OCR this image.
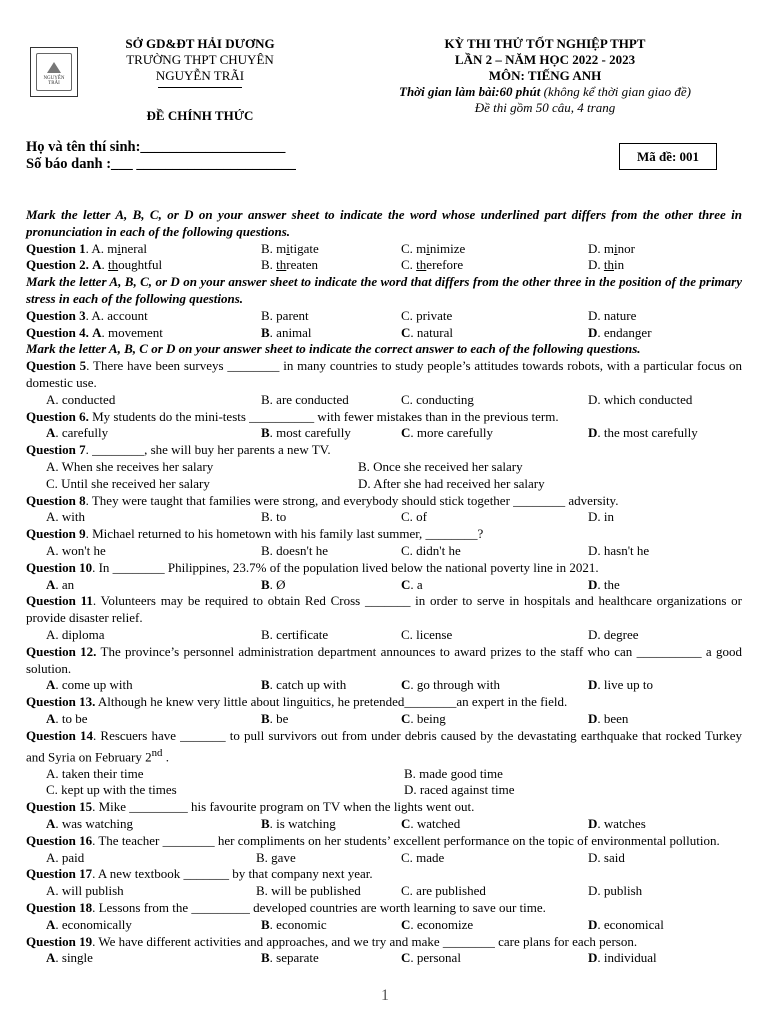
SỞ GD&ĐT HẢI DƯƠNG
TRƯỜNG THPT CHUYÊN
NGUYỄN TRÃI
ĐỀ CHÍNH THỨC
NGUYỄN TRÃI
KỲ THI THỬ TỐT NGHIỆP THPT
LẦN 2 – NĂM HỌC 2022 - 2023
MÔN: TIẾNG ANH
Thời gian làm bài:60 phút (không kể thời gian giao đề)
Đề thi gồm 50 câu, 4 trang
Họ và tên thí sinh:____________________
Số báo danh :___ ______________________	Mã đề: 001
Mark the letter A, B, C, or D on your answer sheet to indicate the word whose underlined part differs from the other three in pronunciation in each of the following questions.
Question 1. A. mineral	B. mitigate	C. minimize	D. minor
Question 2. A. thoughtful	B. threaten	C. therefore	D. thin
Mark the letter A, B, C, or D on your answer sheet to indicate the word that differs from the other three in the position of the primary stress in each of the following questions.
Question 3. A. account	B. parent	C. private	D. nature
Question 4. A. movement	B. animal	C. natural	D. endanger
Mark the letter A, B, C or D on your answer sheet to indicate the correct answer to each of the following questions.
Question 5. There have been surveys ________ in many countries to study people’s attitudes towards robots, with a particular focus on domestic use.
A. conducted	B. are conducted	C. conducting	D. which conducted
Question 6. My students do the mini-tests __________ with fewer mistakes than in the previous term.
A. carefully	B. most carefully	C. more carefully	D. the most carefully
Question 7. ________, she will buy her parents a new TV.
A. When she receives her salary	B. Once she received her salary
C. Until she received her salary	D. After she had received her salary
Question 8. They were taught that families were strong, and everybody should stick together ________ adversity.
A. with	B. to	C. of	D. in
Question 9. Michael returned to his hometown with his family last summer, ________?
A. won't he	B. doesn't he	C. didn't he	D. hasn't he
Question 10. In ________ Philippines, 23.7% of the population lived below the national poverty line in 2021.
A. an	B. Ø	C. a	D. the
Question 11. Volunteers may be required to obtain Red Cross _______ in order to serve in hospitals and healthcare organizations or provide disaster relief.
A. diploma	B. certificate	C. license	D. degree
Question 12. The province’s personnel administration department announces to award prizes to the staff who can __________ a good solution.
A. come up with	B. catch up with	C. go through with	D. live up to
Question 13. Although he knew very little about linguitics, he pretended________an expert in the field.
A. to be	B. be	C. being	D. been
Question 14. Rescuers have _______ to pull survivors out from under debris caused by the devastating earthquake that rocked Turkey and Syria on February 2nd .
A. taken their time	B. made good time
C. kept up with the times	D. raced against time
Question 15. Mike _________ his favourite program on TV when the lights went out.
A. was watching	B. is watching	C. watched	D. watches
Question 16. The teacher ________ her compliments on her students’ excellent performance on the topic of environmental pollution.
A. paid	B. gave	C. made	D. said
Question 17. A new textbook _______ by that company next year.
A. will publish	B. will be published	C. are published	D. publish
Question 18. Lessons from the _________ developed countries are worth learning to save our time.
A. economically	B. economic	C. economize	D. economical
Question 19. We have different activities and approaches, and we try and make ________ care plans for each person.
A. single	B. separate	C. personal	D. individual
1
